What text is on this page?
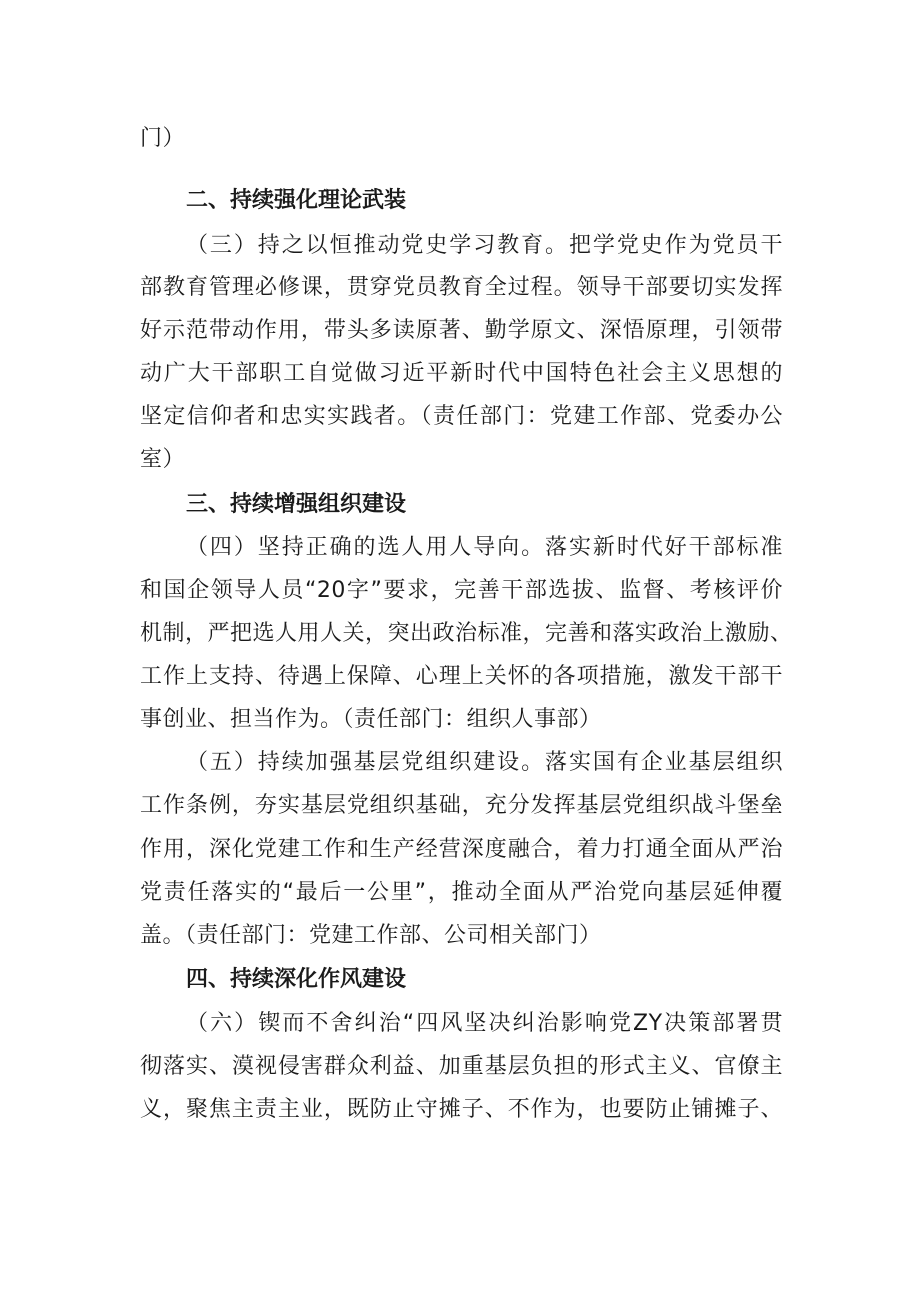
门）
二、持续强化理论武装
（三）持之以恒推动党史学习教育。把学党史作为党员干
部教育管理必修课，贯穿党员教育全过程。领导干部要切实发挥
好示范带动作用，带头多读原著、勤学原文、深悟原理，引领带
动广大干部职工自觉做习近平新时代中国特色社会主义思想的
坚定信仰者和忠实实践者。（责任部门：党建工作部、党委办公
室）
三、持续增强组织建设
（四）坚持正确的选人用人导向。落实新时代好干部标准
和国企领导人员“20字”要求，完善干部选拔、监督、考核评价
机制，严把选人用人关，突出政治标准，完善和落实政治上激励、
工作上支持、待遇上保障、心理上关怀的各项措施，激发干部干
事创业、担当作为。（责任部门：组织人事部）
（五）持续加强基层党组织建设。落实国有企业基层组织
工作条例，夯实基层党组织基础，充分发挥基层党组织战斗堡垒
作用，深化党建工作和生产经营深度融合，着力打通全面从严治
党责任落实的“最后一公里”，推动全面从严治党向基层延伸覆
盖。（责任部门：党建工作部、公司相关部门）
四、持续深化作风建设
（六）锲而不舍纠治“四风坚决纠治影响党ZY决策部署贯
彻落实、漠视侵害群众利益、加重基层负担的形式主义、官僚主
义，聚焦主责主业，既防止守摊子、不作为，也要防止铺摊子、
